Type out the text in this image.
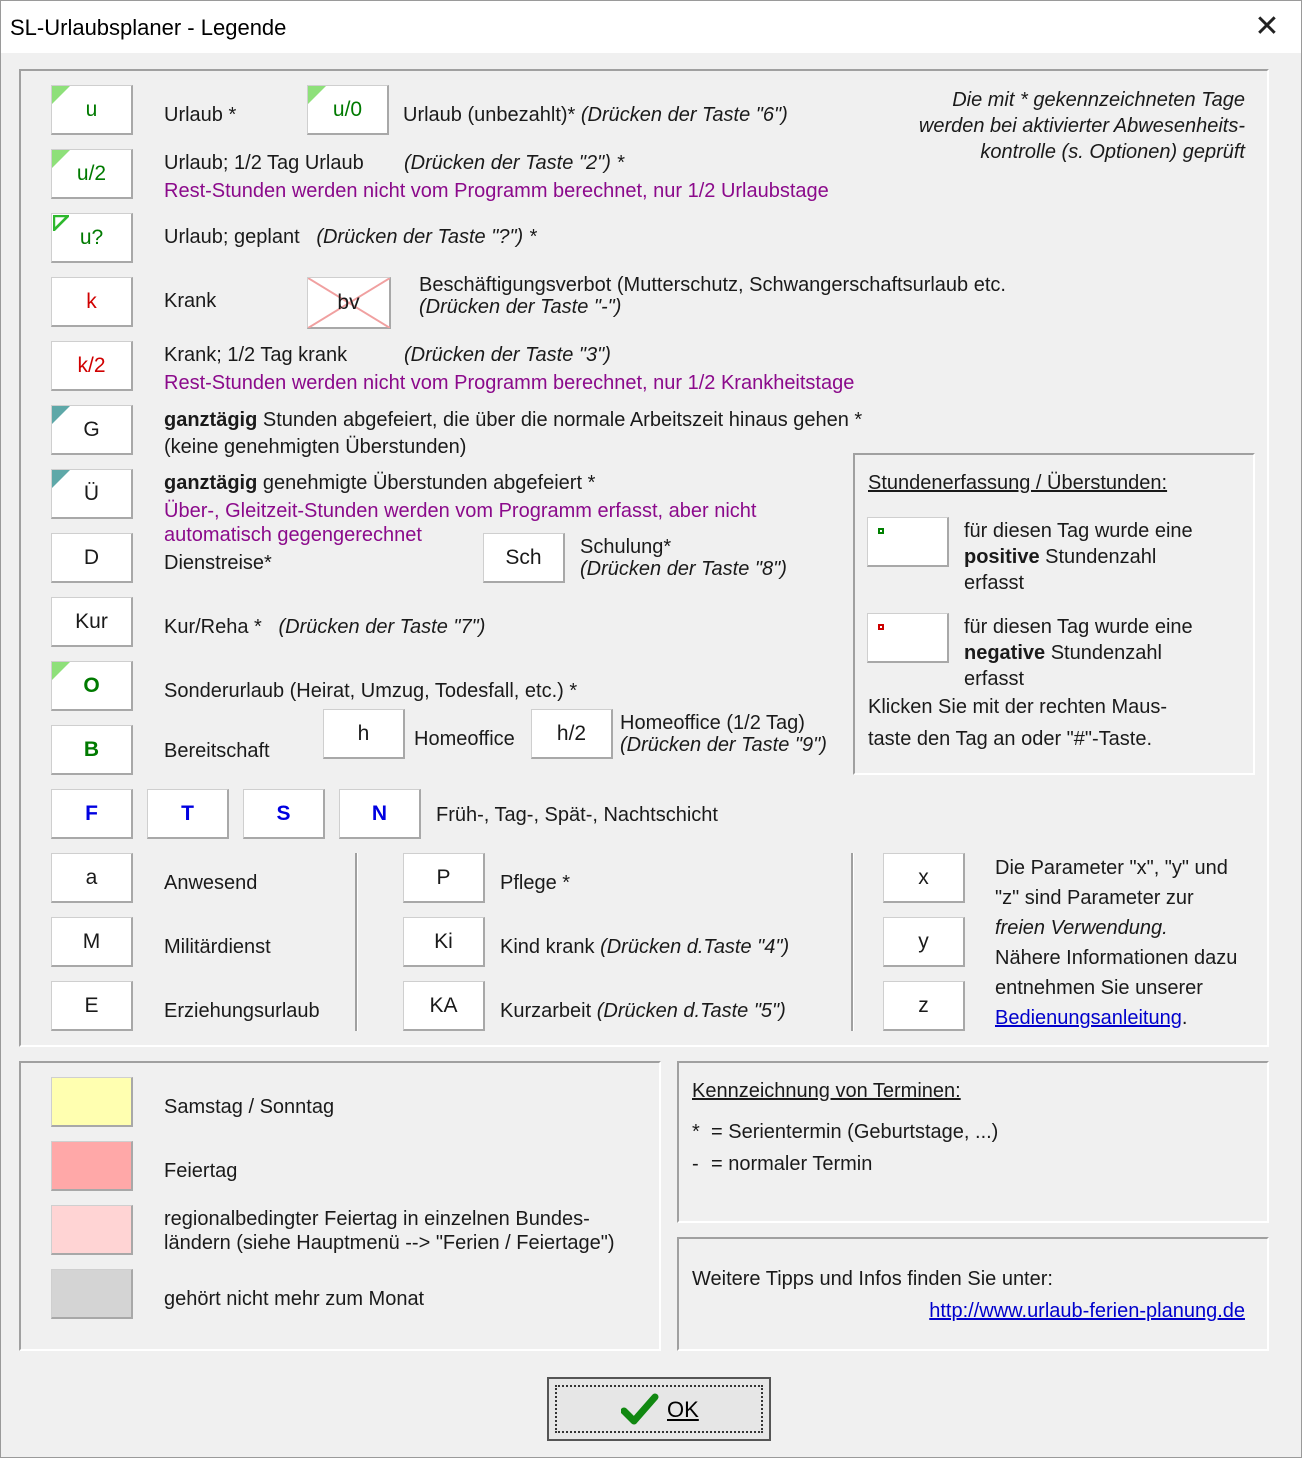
SL-Urlaubsplaner - Legende	✕
u	Urlaub *	u/0 Urlaub (unbezahlt)* (Drücken der Taste "6")
Die mit * gekennzeichneten Tage
werden bei aktivierter Abwesenheits-
kontrolle (s. Optionen) geprüft
u/2	Urlaub; 1/2 Tag Urlaub (Drücken der Taste "2") *
Rest-Stunden werden nicht vom Programm berechnet, nur 1/2 Urlaubstage
u?	Urlaub; geplant (Drücken der Taste "?") *
k	Krank	bv
Beschäftigungsverbot (Mutterschutz, Schwangerschaftsurlaub etc.
(Drücken der Taste "-")
k/2	Krank; 1/2 Tag krank	(Drücken der Taste "3")
Rest-Stunden werden nicht vom Programm berechnet, nur 1/2 Krankheitstage
G	ganztägig Stunden abgefeiert, die über die normale Arbeitszeit hinaus gehen *
(keine genehmigten Überstunden)
Ü	ganztägig genehmigte Überstunden abgefeiert *
Über-, Gleitzeit-Stunden werden vom Programm erfasst, aber nicht
automatisch gegengerechnet
D	Dienstreise*	Sch Schulung*
(Drücken der Taste "8")
Kur	Kur/Reha * (Drücken der Taste "7")
O	Sonderurlaub (Heirat, Umzug, Todesfall, etc.) *
B	Bereitschaft
h Homeoffice h/2 Homeoffice (1/2 Tag)
(Drücken der Taste "9")
Stundenerfassung / Überstunden:
für diesen Tag wurde eine
positive Stundenzahl
erfasst
für diesen Tag wurde eine
negative Stundenzahl
erfasst
Klicken Sie mit der rechten Maus-
taste den Tag an oder "#"-Taste.
F	T	S	N Früh-, Tag-, Spät-, Nachtschicht
a	Anwesend
M	Militärdienst
E	Erziehungsurlaub
P Pflege *
Ki Kind krank (Drücken d.Taste "4")
KA Kurzarbeit (Drücken d.Taste "5")
x
y
z
Die Parameter "x", "y" und
"z" sind Parameter zur
freien Verwendung.
Nähere Informationen dazu
entnehmen Sie unserer
Bedienungsanleitung.
Samstag / Sonntag
Feiertag
regionalbedingter Feiertag in einzelnen Bundes-
ländern (siehe Hauptmenü --> "Ferien / Feiertage")
gehört nicht mehr zum Monat
Kennzeichnung von Terminen:
* = Serientermin (Geburtstage, ...)
- = normaler Termin
Weitere Tipps und Infos finden Sie unter:
http://www.urlaub-ferien-planung.de
OK
